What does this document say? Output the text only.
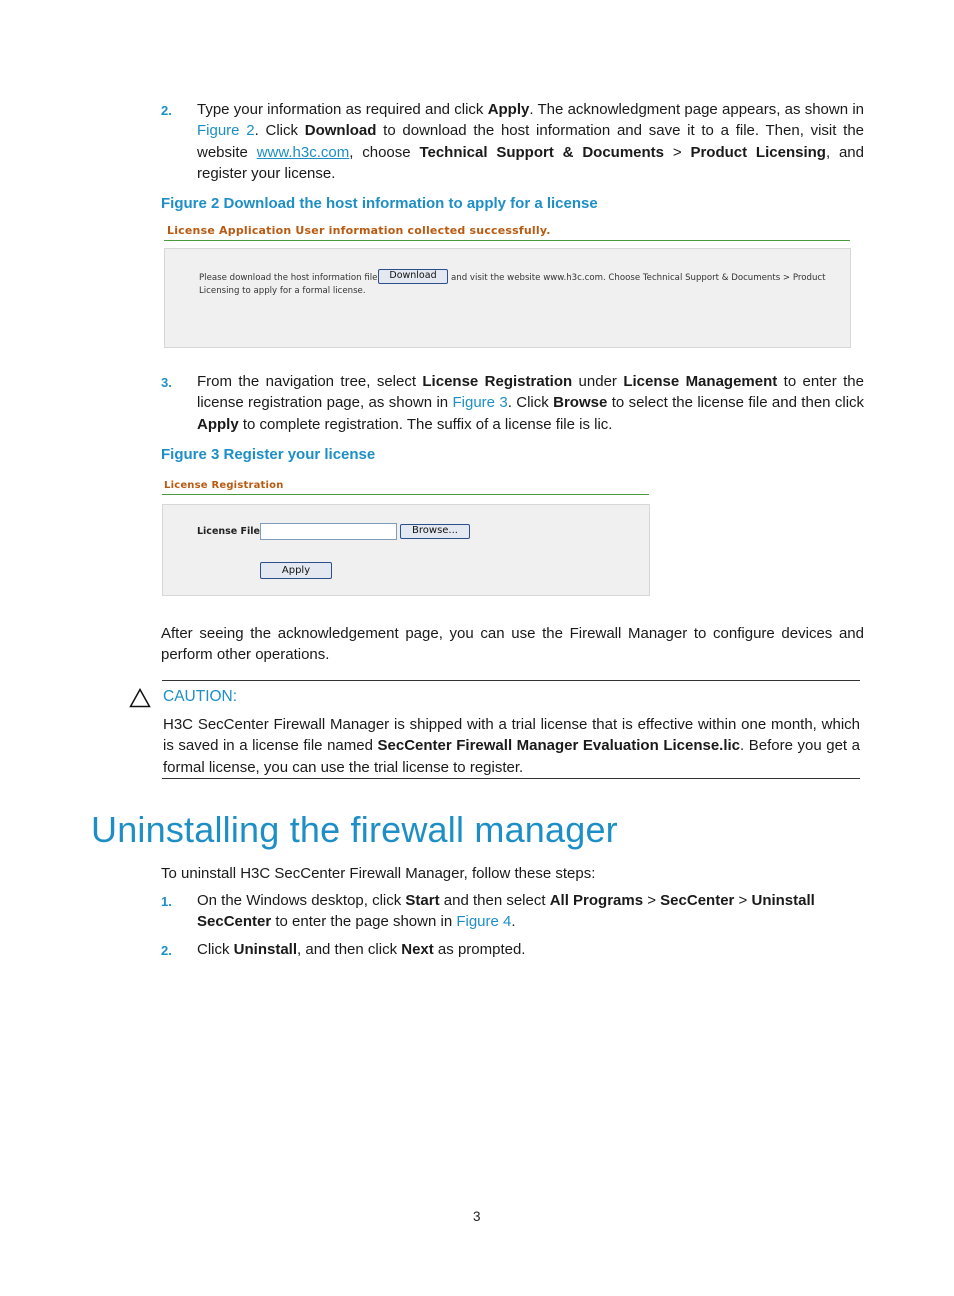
2. Type your information as required and click Apply. The acknowledgment page appears, as shown in Figure 2. Click Download to download the host information and save it to a file. Then, visit the website www.h3c.com, choose Technical Support & Documents > Product Licensing, and register your license.
Figure 2 Download the host information to apply for a license
License Application User information collected successfully.
Please download the host information file	Download	and visit the website www.h3c.com. Choose Technical Support & Documents > Product
Licensing to apply for a formal license.
3. From the navigation tree, select License Registration under License Management to enter the license registration page, as shown in Figure 3. Click Browse to select the license file and then click Apply to complete registration. The suffix of a license file is lic.
Figure 3 Register your license
License Registration
License File	Browse...
Apply
After seeing the acknowledgement page, you can use the Firewall Manager to configure devices and perform other operations.
CAUTION:
H3C SecCenter Firewall Manager is shipped with a trial license that is effective within one month, which is saved in a license file named SecCenter Firewall Manager Evaluation License.lic. Before you get a formal license, you can use the trial license to register.
Uninstalling the firewall manager
To uninstall H3C SecCenter Firewall Manager, follow these steps:
1. On the Windows desktop, click Start and then select All Programs > SecCenter > Uninstall SecCenter to enter the page shown in Figure 4.
2. Click Uninstall, and then click Next as prompted.
3
